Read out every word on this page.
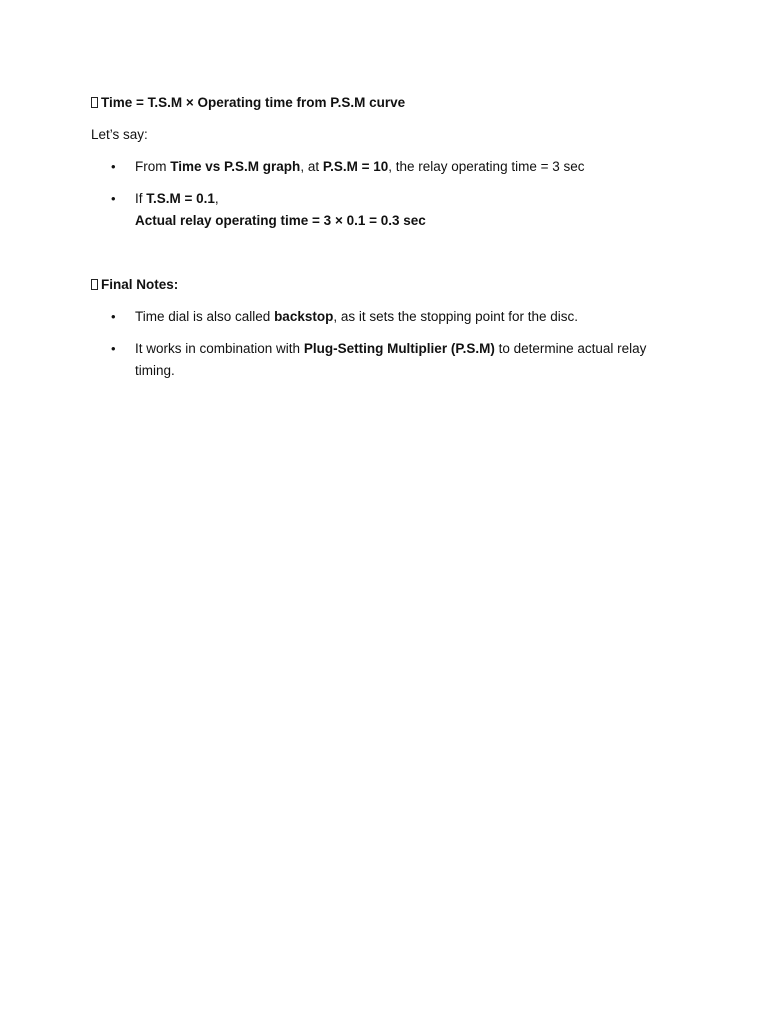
Time = T.S.M × Operating time from P.S.M curve
Let’s say:
• From Time vs P.S.M graph, at P.S.M = 10, the relay operating time = 3 sec
• If T.S.M = 0.1,
Actual relay operating time = 3 × 0.1 = 0.3 sec
Final Notes:
• Time dial is also called backstop, as it sets the stopping point for the disc.
• It works in combination with Plug-Setting Multiplier (P.S.M) to determine actual relay
timing.
